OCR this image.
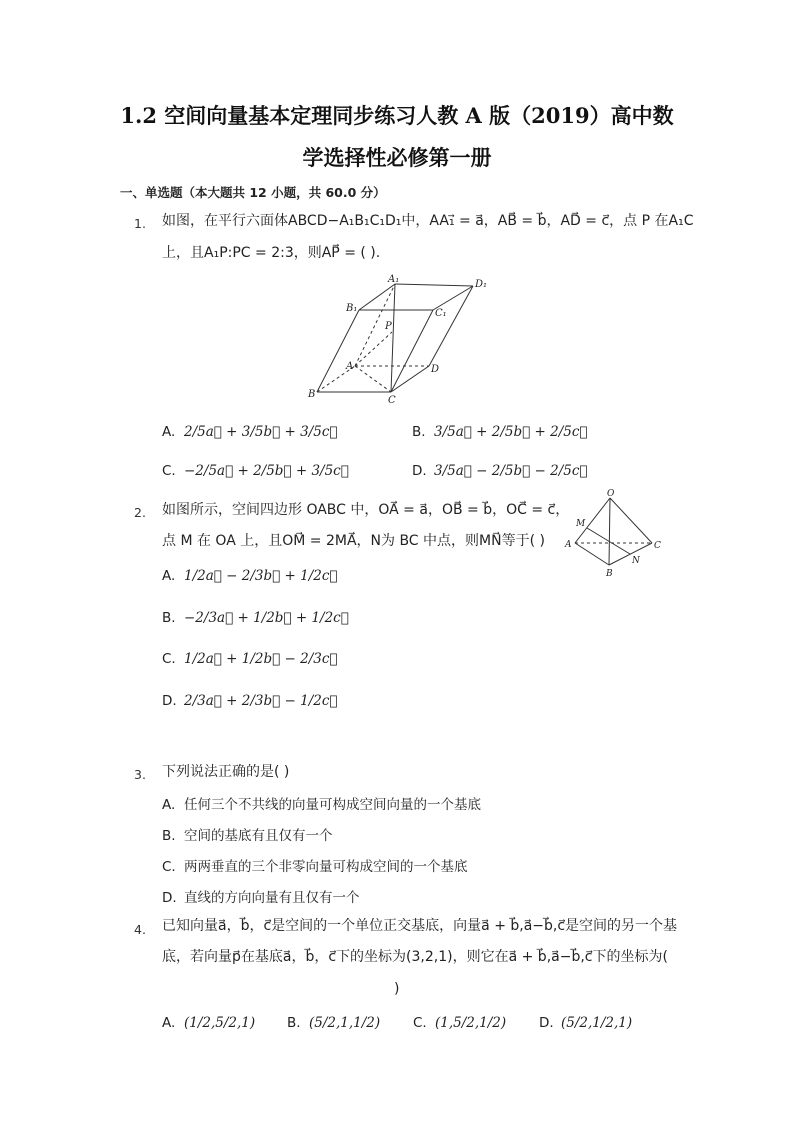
1.2 空间向量基本定理同步练习人教 A 版（2019）高中数
学选择性必修第一册
一、单选题（本大题共 12 小题，共 60.0 分）
1. 如图，在平行六面体ABCD−A₁B₁C₁D₁中，AA₁⃗ = a⃗，AB⃗ = b⃗，AD⃗ = c⃗，点 P 在A₁C
上，且A₁P:PC = 2:3，则AP⃗ = ( ).
A₁	D₁
B₁	C₁
P
A	D
B
C
A. 2/5a⃗ + 3/5b⃗ + 3/5c⃗	B. 3/5a⃗ + 2/5b⃗ + 2/5c⃗
C. −2/5a⃗ + 2/5b⃗ + 3/5c⃗	D. 3/5a⃗ − 2/5b⃗ − 2/5c⃗
2. 如图所示，空间四边形 OABC 中，OA⃗ = a⃗，OB⃗ = b⃗，OC⃗ = c⃗，
点 M 在 OA 上，且OM⃗ = 2MA⃗，N为 BC 中点，则MN⃗等于( )
O
M
A	C
N
B
A. 1/2a⃗ − 2/3b⃗ + 1/2c⃗
B. −2/3a⃗ + 1/2b⃗ + 1/2c⃗
C. 1/2a⃗ + 1/2b⃗ − 2/3c⃗
D. 2/3a⃗ + 2/3b⃗ − 1/2c⃗
3. 下列说法正确的是( )
A. 任何三个不共线的向量可构成空间向量的一个基底
B. 空间的基底有且仅有一个
C. 两两垂直的三个非零向量可构成空间的一个基底
D. 直线的方向向量有且仅有一个
4. 已知向量a⃗，b⃗，c⃗是空间的一个单位正交基底，向量a⃗ + b⃗,a⃗−b⃗,c⃗是空间的另一个基
底，若向量p⃗在基底a⃗，b⃗，c⃗下的坐标为(3,2,1)，则它在a⃗ + b⃗,a⃗−b⃗,c⃗下的坐标为(
)
A. (1/2,5/2,1) B. (5/2,1,1/2) C. (1,5/2,1/2) D. (5/2,1/2,1)
